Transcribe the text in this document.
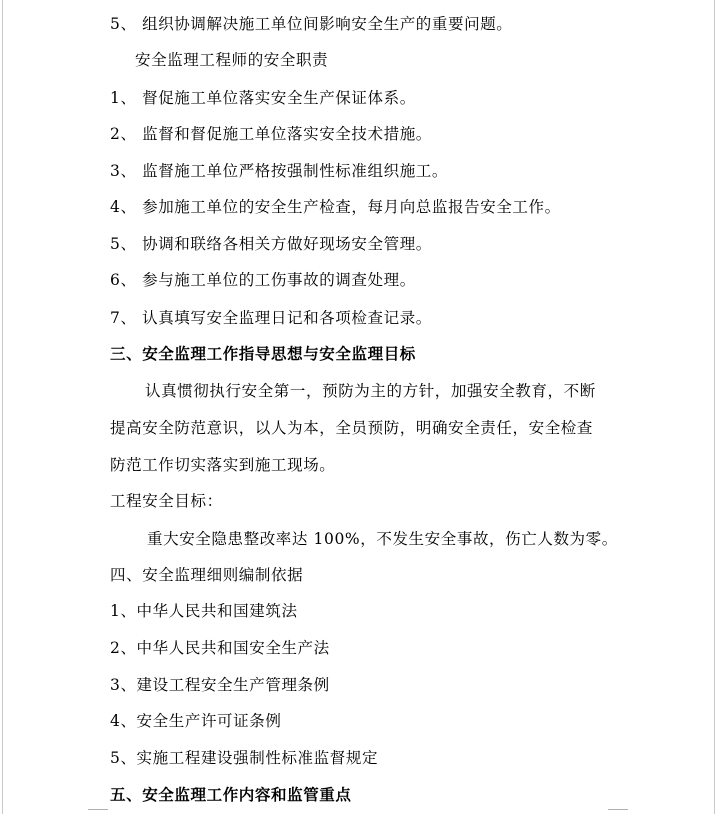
5、 组织协调解决施工单位间影响安全生产的重要问题。
安全监理工程师的安全职责
1、 督促施工单位落实安全生产保证体系。
2、 监督和督促施工单位落实安全技术措施。
3、 监督施工单位严格按强制性标准组织施工。
4、 参加施工单位的安全生产检查，每月向总监报告安全工作。
5、 协调和联络各相关方做好现场安全管理。
6、 参与施工单位的工伤事故的调查处理。
7、 认真填写安全监理日记和各项检查记录。
三、安全监理工作指导思想与安全监理目标
认真惯彻执行安全第一，预防为主的方针，加强安全教育，不断
提高安全防范意识，以人为本，全员预防，明确安全责任，安全检查
防范工作切实落实到施工现场。
工程安全目标：
重大安全隐患整改率达 100%，不发生安全事故，伤亡人数为零。
四、安全监理细则编制依据
1、中华人民共和国建筑法
2、中华人民共和国安全生产法
3、建设工程安全生产管理条例
4、安全生产许可证条例
5、实施工程建设强制性标准监督规定
五、安全监理工作内容和监管重点
